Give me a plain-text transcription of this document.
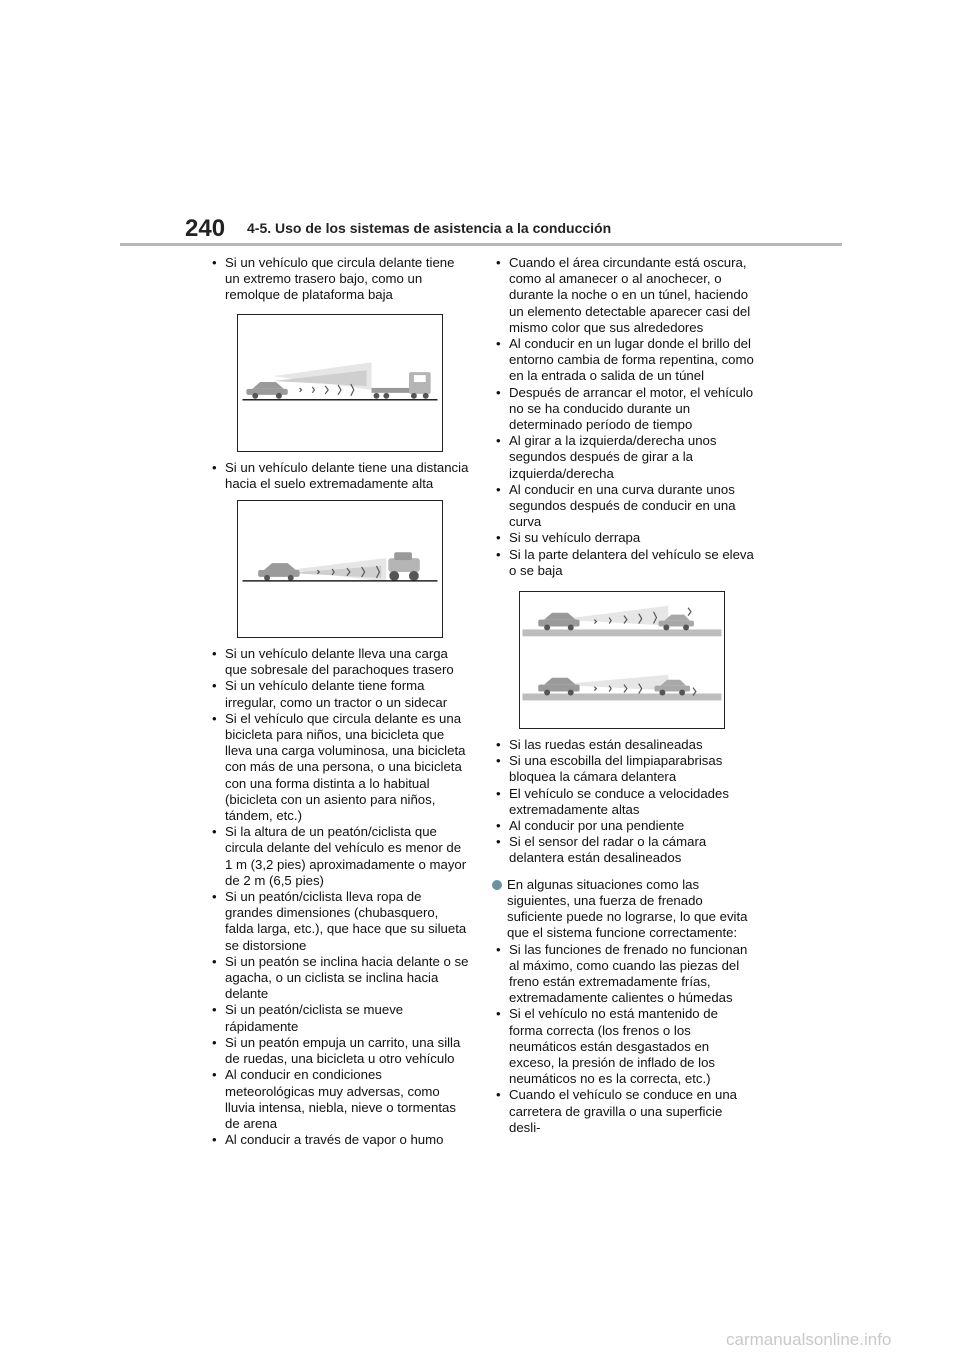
240 4-5. Uso de los sistemas de asistencia a la conducción
• Si un vehículo que circula delante tiene un extremo trasero bajo, como un remolque de plataforma baja
• Si un vehículo delante tiene una distancia hacia el suelo extremadamente alta
• Si un vehículo delante lleva una carga que sobresale del parachoques trasero
• Si un vehículo delante tiene forma irregular, como un tractor o un sidecar
• Si el vehículo que circula delante es una bicicleta para niños, una bicicleta que lleva una carga voluminosa, una bicicleta con más de una persona, o una bicicleta con una forma distinta a lo habitual (bicicleta con un asiento para niños, tándem, etc.)
• Si la altura de un peatón/ciclista que circula delante del vehículo es menor de 1 m (3,2 pies) aproximadamente o mayor de 2 m (6,5 pies)
• Si un peatón/ciclista lleva ropa de grandes dimensiones (chubasquero, falda larga, etc.), que hace que su silueta se distorsione
• Si un peatón se inclina hacia delante o se agacha, o un ciclista se inclina hacia delante
• Si un peatón/ciclista se mueve rápidamente
• Si un peatón empuja un carrito, una silla de ruedas, una bicicleta u otro vehículo
• Al conducir en condiciones meteorológicas muy adversas, como lluvia intensa, niebla, nieve o tormentas de arena
• Al conducir a través de vapor o humo
• Cuando el área circundante está oscura, como al amanecer o al anochecer, o durante la noche o en un túnel, haciendo un elemento detectable aparecer casi del mismo color que sus alrededores
• Al conducir en un lugar donde el brillo del entorno cambia de forma repentina, como en la entrada o salida de un túnel
• Después de arrancar el motor, el vehículo no se ha conducido durante un determinado período de tiempo
• Al girar a la izquierda/derecha unos segundos después de girar a la izquierda/derecha
• Al conducir en una curva durante unos segundos después de conducir en una curva
• Si su vehículo derrapa
• Si la parte delantera del vehículo se eleva o se baja
• Si las ruedas están desalineadas
• Si una escobilla del limpiaparabrisas bloquea la cámara delantera
• El vehículo se conduce a velocidades extremadamente altas
• Al conducir por una pendiente
• Si el sensor del radar o la cámara delantera están desalineados
En algunas situaciones como las siguientes, una fuerza de frenado suficiente puede no lograrse, lo que evita que el sistema funcione correctamente:
• Si las funciones de frenado no funcionan al máximo, como cuando las piezas del freno están extremadamente frías, extremadamente calientes o húmedas
• Si el vehículo no está mantenido de forma correcta (los frenos o los neumáticos están desgastados en exceso, la presión de inflado de los neumáticos no es la correcta, etc.)
• Cuando el vehículo se conduce en una carretera de gravilla o una superficie desli-
carmanualsonline.info
